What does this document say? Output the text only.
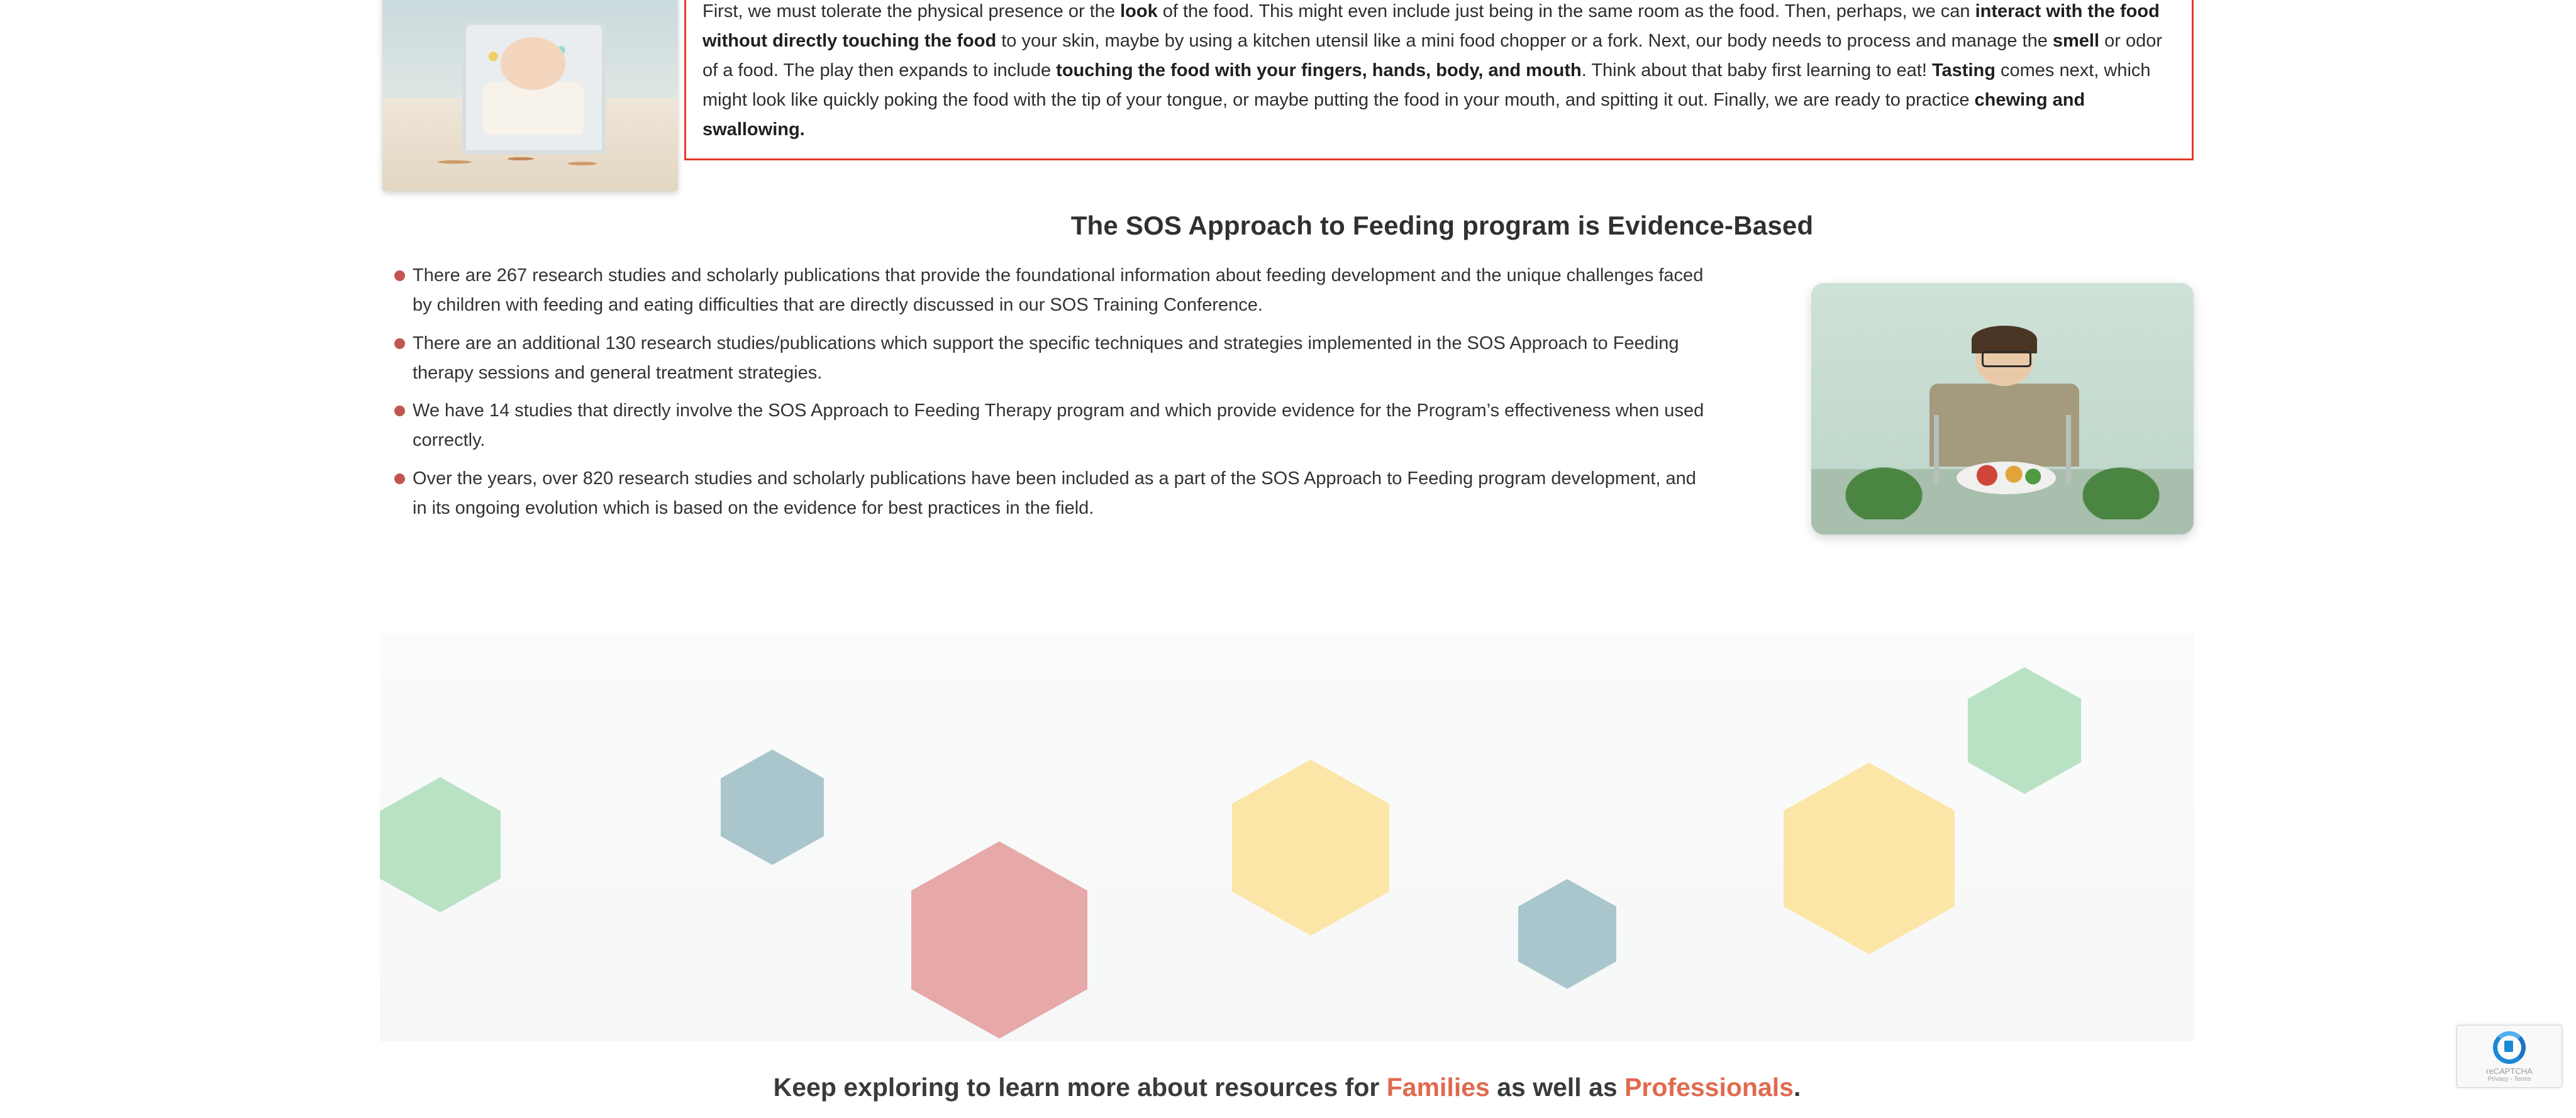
First, we must tolerate the physical presence or the look of the food. This might even include just being in the same room as the food. Then, perhaps, we can interact with the food without directly touching the food to your skin, maybe by using a kitchen utensil like a mini food chopper or a fork. Next, our body needs to process and manage the smell or odor of a food. The play then expands to include touching the food with your fingers, hands, body, and mouth. Think about that baby first learning to eat! Tasting comes next, which might look like quickly poking the food with the tip of your tongue, or maybe putting the food in your mouth, and spitting it out. Finally, we are ready to practice chewing and swallowing.

The SOS Approach to Feeding program is Evidence-Based
There are 267 research studies and scholarly publications that provide the foundational information about feeding development and the unique challenges faced by children with feeding and eating difficulties that are directly discussed in our SOS Training Conference.
There are an additional 130 research studies/publications which support the specific techniques and strategies implemented in the SOS Approach to Feeding therapy sessions and general treatment strategies.
We have 14 studies that directly involve the SOS Approach to Feeding Therapy program and which provide evidence for the Program’s effectiveness when used correctly.
Over the years, over 820 research studies and scholarly publications have been included as a part of the SOS Approach to Feeding program development, and in its ongoing evolution which is based on the evidence for best practices in the field.
Keep exploring to learn more about resources for Families as well as Professionals.
reCAPTCHA
Privacy - Terms
